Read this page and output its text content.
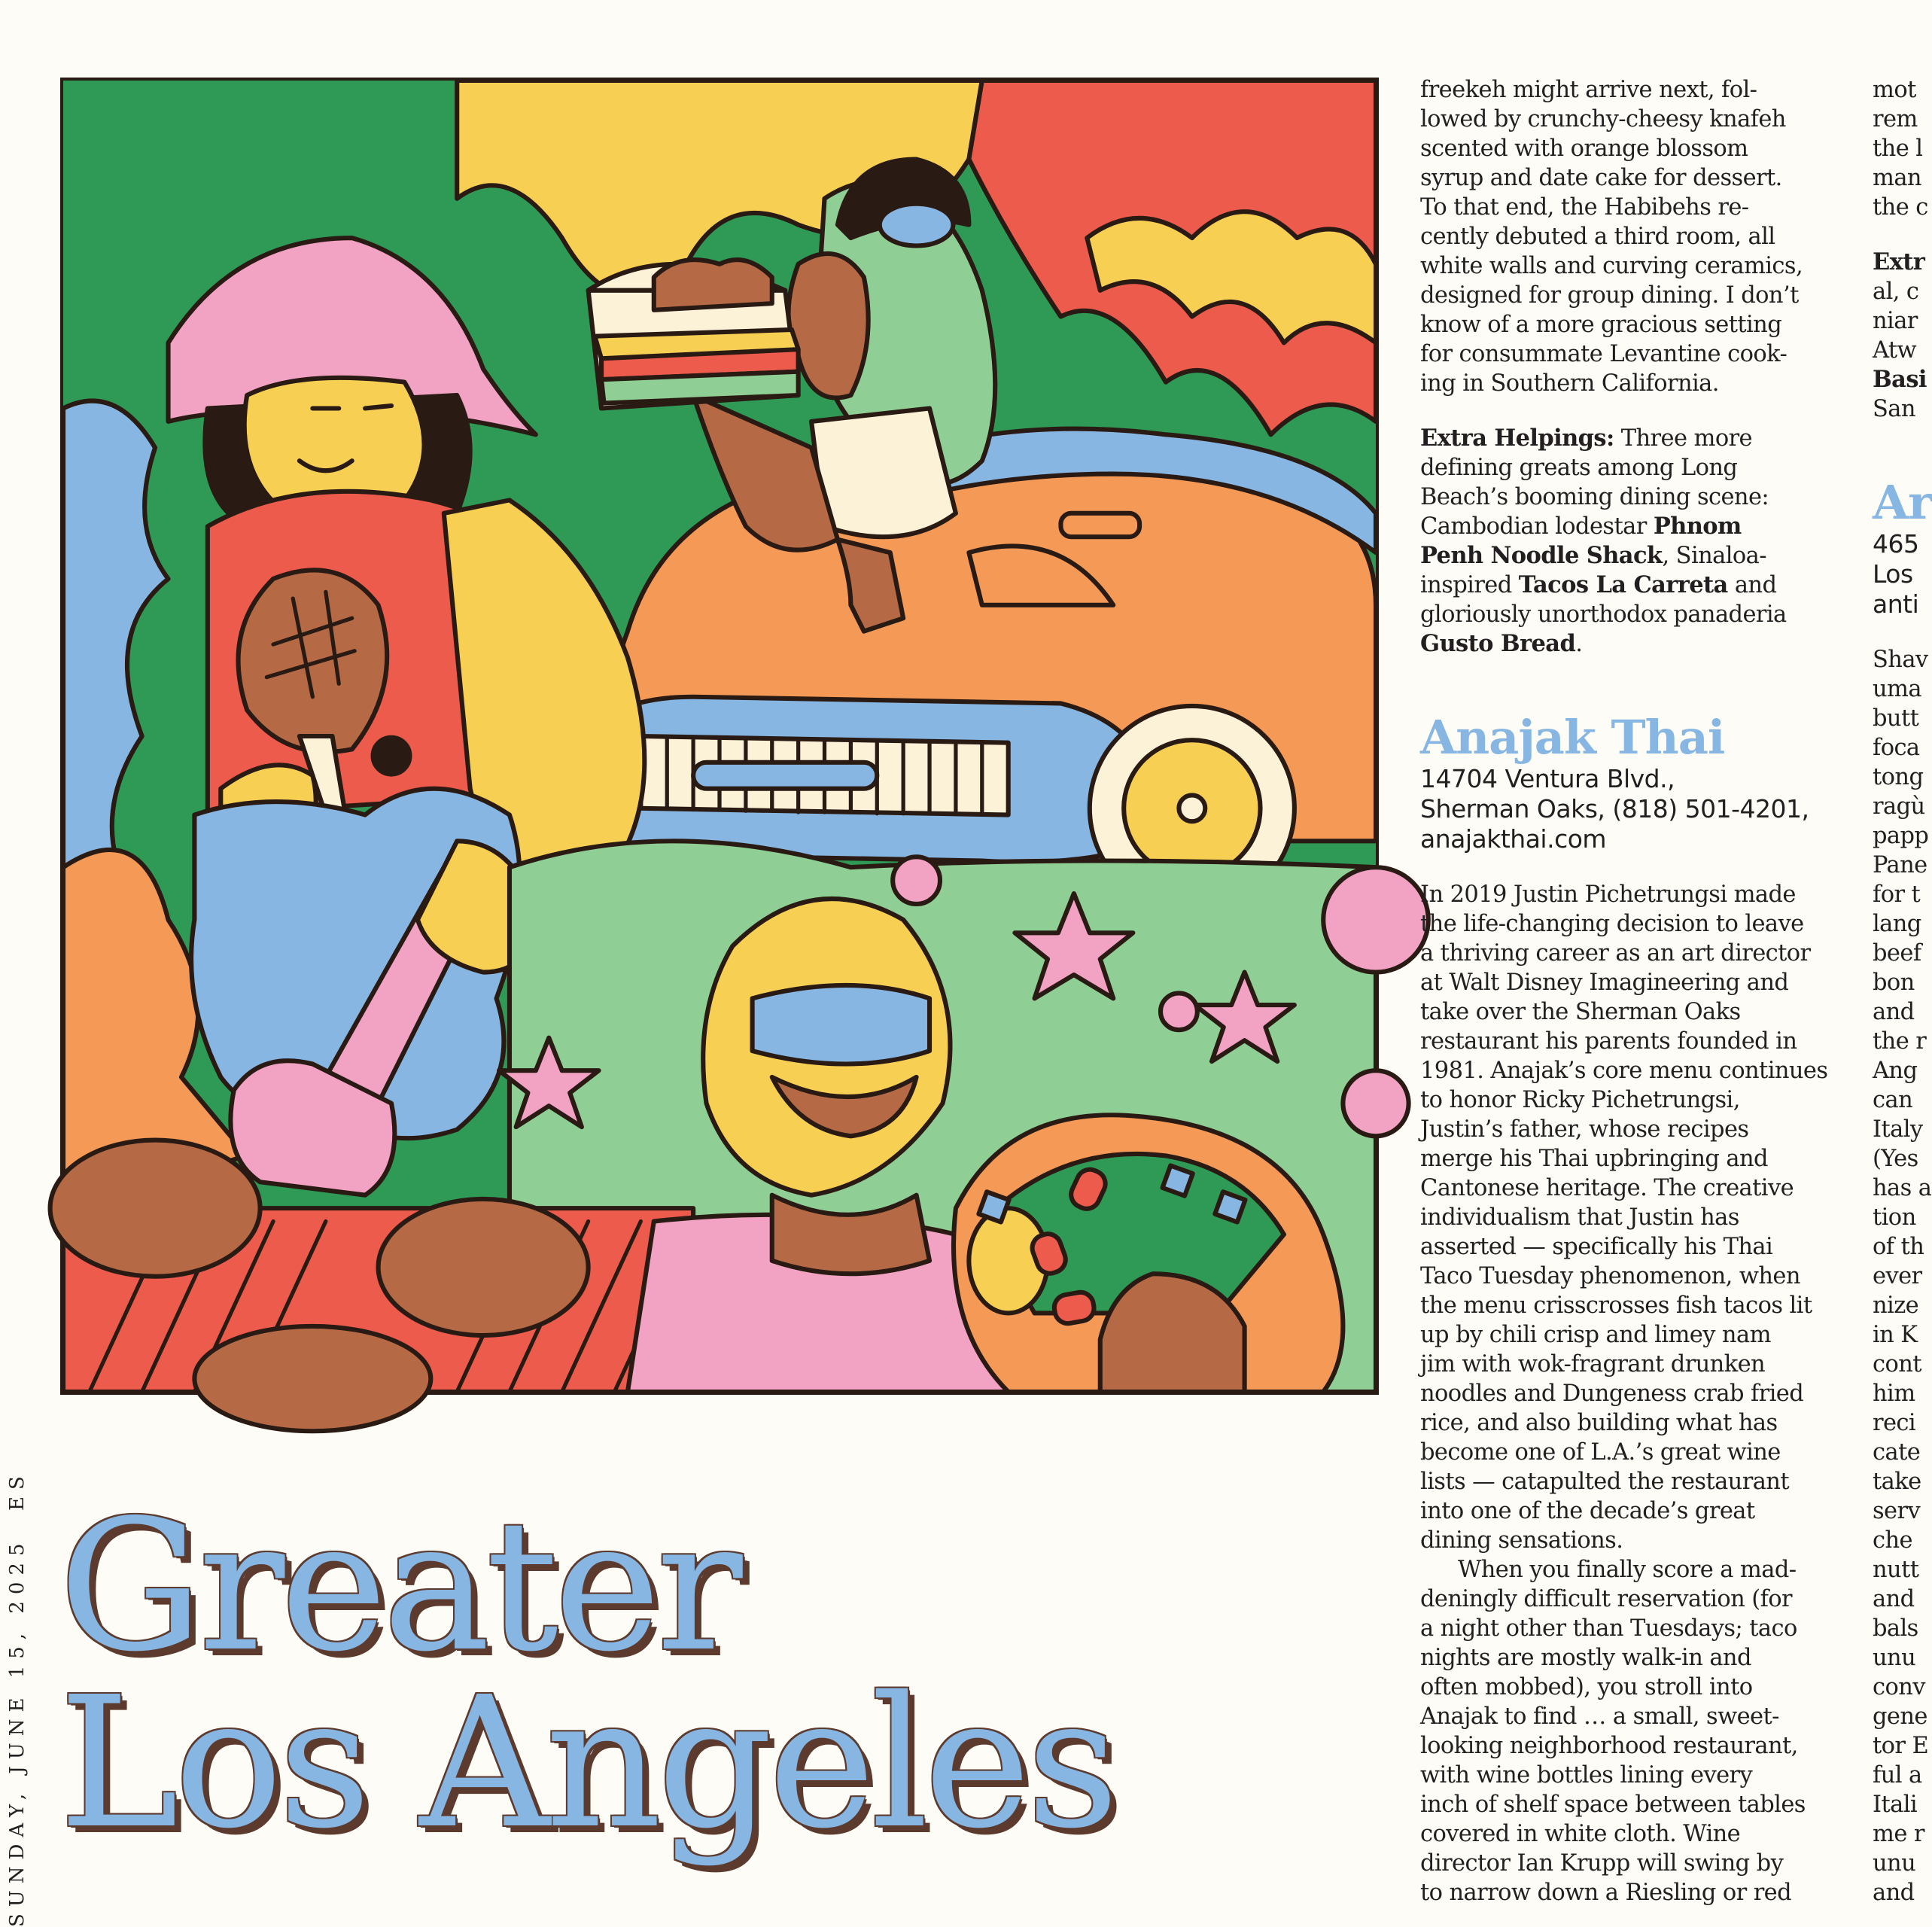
SUNDAY, JUNE 15, 2025  ES Greater
Los Angeles

freekeh might arrive next, fol-
lowed by crunchy-cheesy knafeh
scented with orange blossom
syrup and date cake for dessert.
To that end, the Habibehs re-
cently debuted a third room, all
white walls and curving ceramics,
designed for group dining. I don’t
know of a more gracious setting
for consummate Levantine cook-
ing in Southern California.

Extra Helpings: Three more
defining greats among Long
Beach’s booming dining scene:
Cambodian lodestar Phnom
Penh Noodle Shack, Sinaloa-
inspired Tacos La Carreta and
gloriously unorthodox panaderia
Gusto Bread.

Anajak Thai
14704 Ventura Blvd.,
Sherman Oaks, (818) 501-4201,
anajakthai.com

In 2019 Justin Pichetrungsi made
the life-changing decision to leave
a thriving career as an art director
at Walt Disney Imagineering and
take over the Sherman Oaks
restaurant his parents founded in
1981. Anajak’s core menu continues
to honor Ricky Pichetrungsi,
Justin’s father, whose recipes
merge his Thai upbringing and
Cantonese heritage. The creative
individualism that Justin has
asserted — specifically his Thai
Taco Tuesday phenomenon, when
the menu crisscrosses fish tacos lit
up by chili crisp and limey nam
jim with wok-fragrant drunken
noodles and Dungeness crab fried
rice, and also building what has
become one of L.A.’s great wine
lists — catapulted the restaurant
into one of the decade’s great
dining sensations.

When you finally score a mad-
deningly difficult reservation (for
a night other than Tuesdays; taco
nights are mostly walk-in and
often mobbed), you stroll into
Anajak to find … a small, sweet-
looking neighborhood restaurant,
with wine bottles lining every
inch of shelf space between tables
covered in white cloth. Wine
director Ian Krupp will swing by
to narrow down a Riesling or red

mot
rem
the l
man
the c

Extr
al, c
niar
Atw
Basi
San

Ar
465
Los
anti

Shav
uma
butt
foca
tong
ragù
papp
Pane
for t
lang
beef
bon
and
the r
Ang
can
Italy
(Yes
has a
tion
of th
ever
nize
in K
cont
him
reci
cate
take
serv
che
nutt
and
bals
unu
conv
gene
tor E
ful a
Itali
me r
unu
and
